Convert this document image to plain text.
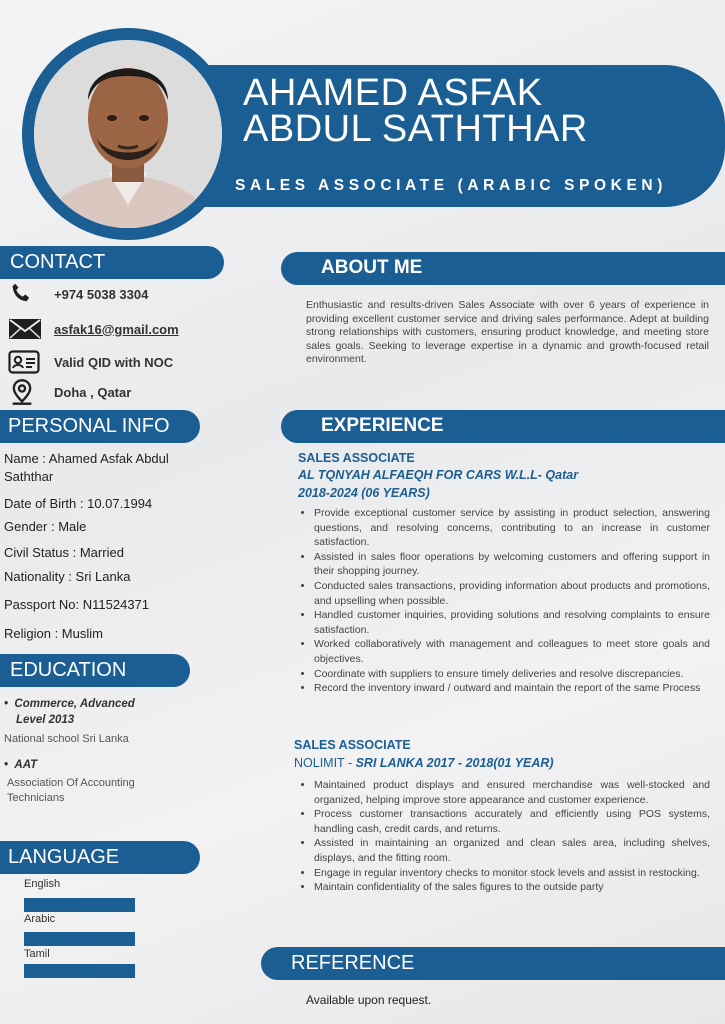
AHAMED ASFAK
ABDUL SATHTHAR
SALES ASSOCIATE (ARABIC SPOKEN)
CONTACT
+974 5038 3304
asfak16@gmail.com
Valid QID with NOC
Doha , Qatar
PERSONAL INFO
Name : Ahamed Asfak Abdul
Saththar
Date of Birth : 10.07.1994
Gender : Male
Civil Status : Married
Nationality : Sri Lanka
Passport No: N11524371
Religion : Muslim
EDUCATION
•  Commerce, Advanced
Level 2013
National school Sri Lanka
•  AAT
Association Of Accounting
Technicians
LANGUAGE
English
Arabic
Tamil
ABOUT ME
Enthusiastic and results-driven Sales Associate with over 6 years of experience in providing excellent customer service and driving sales performance. Adept at building strong relationships with customers, ensuring product knowledge, and meeting store sales goals. Seeking to leverage expertise in a dynamic and growth-focused retail environment.
EXPERIENCE
SALES ASSOCIATE
AL TQNYAH ALFAEQH FOR CARS W.L.L- Qatar
2018-2024 (06 YEARS)
• Provide exceptional customer service by assisting in product selection, answering questions, and resolving concerns, contributing to an increase in customer satisfaction.
• Assisted in sales floor operations by welcoming customers and offering support in their shopping journey.
• Conducted sales transactions, providing information about products and promotions, and upselling when possible.
• Handled customer inquiries, providing solutions and resolving complaints to ensure satisfaction.
• Worked collaboratively with management and colleagues to meet store goals and objectives.
• Coordinate with suppliers to ensure timely deliveries and resolve discrepancies.
• Record the inventory inward / outward and maintain the report of the same Process
SALES ASSOCIATE
NOLIMIT - SRI LANKA 2017 - 2018(01 YEAR)
• Maintained product displays and ensured merchandise was well-stocked and organized, helping improve store appearance and customer experience.
• Process customer transactions accurately and efficiently using POS systems, handling cash, credit cards, and returns.
• Assisted in maintaining an organized and clean sales area, including shelves, displays, and the fitting room.
• Engage in regular inventory checks to monitor stock levels and assist in restocking.
• Maintain confidentiality of the sales figures to the outside party
REFERENCE
Available upon request.
